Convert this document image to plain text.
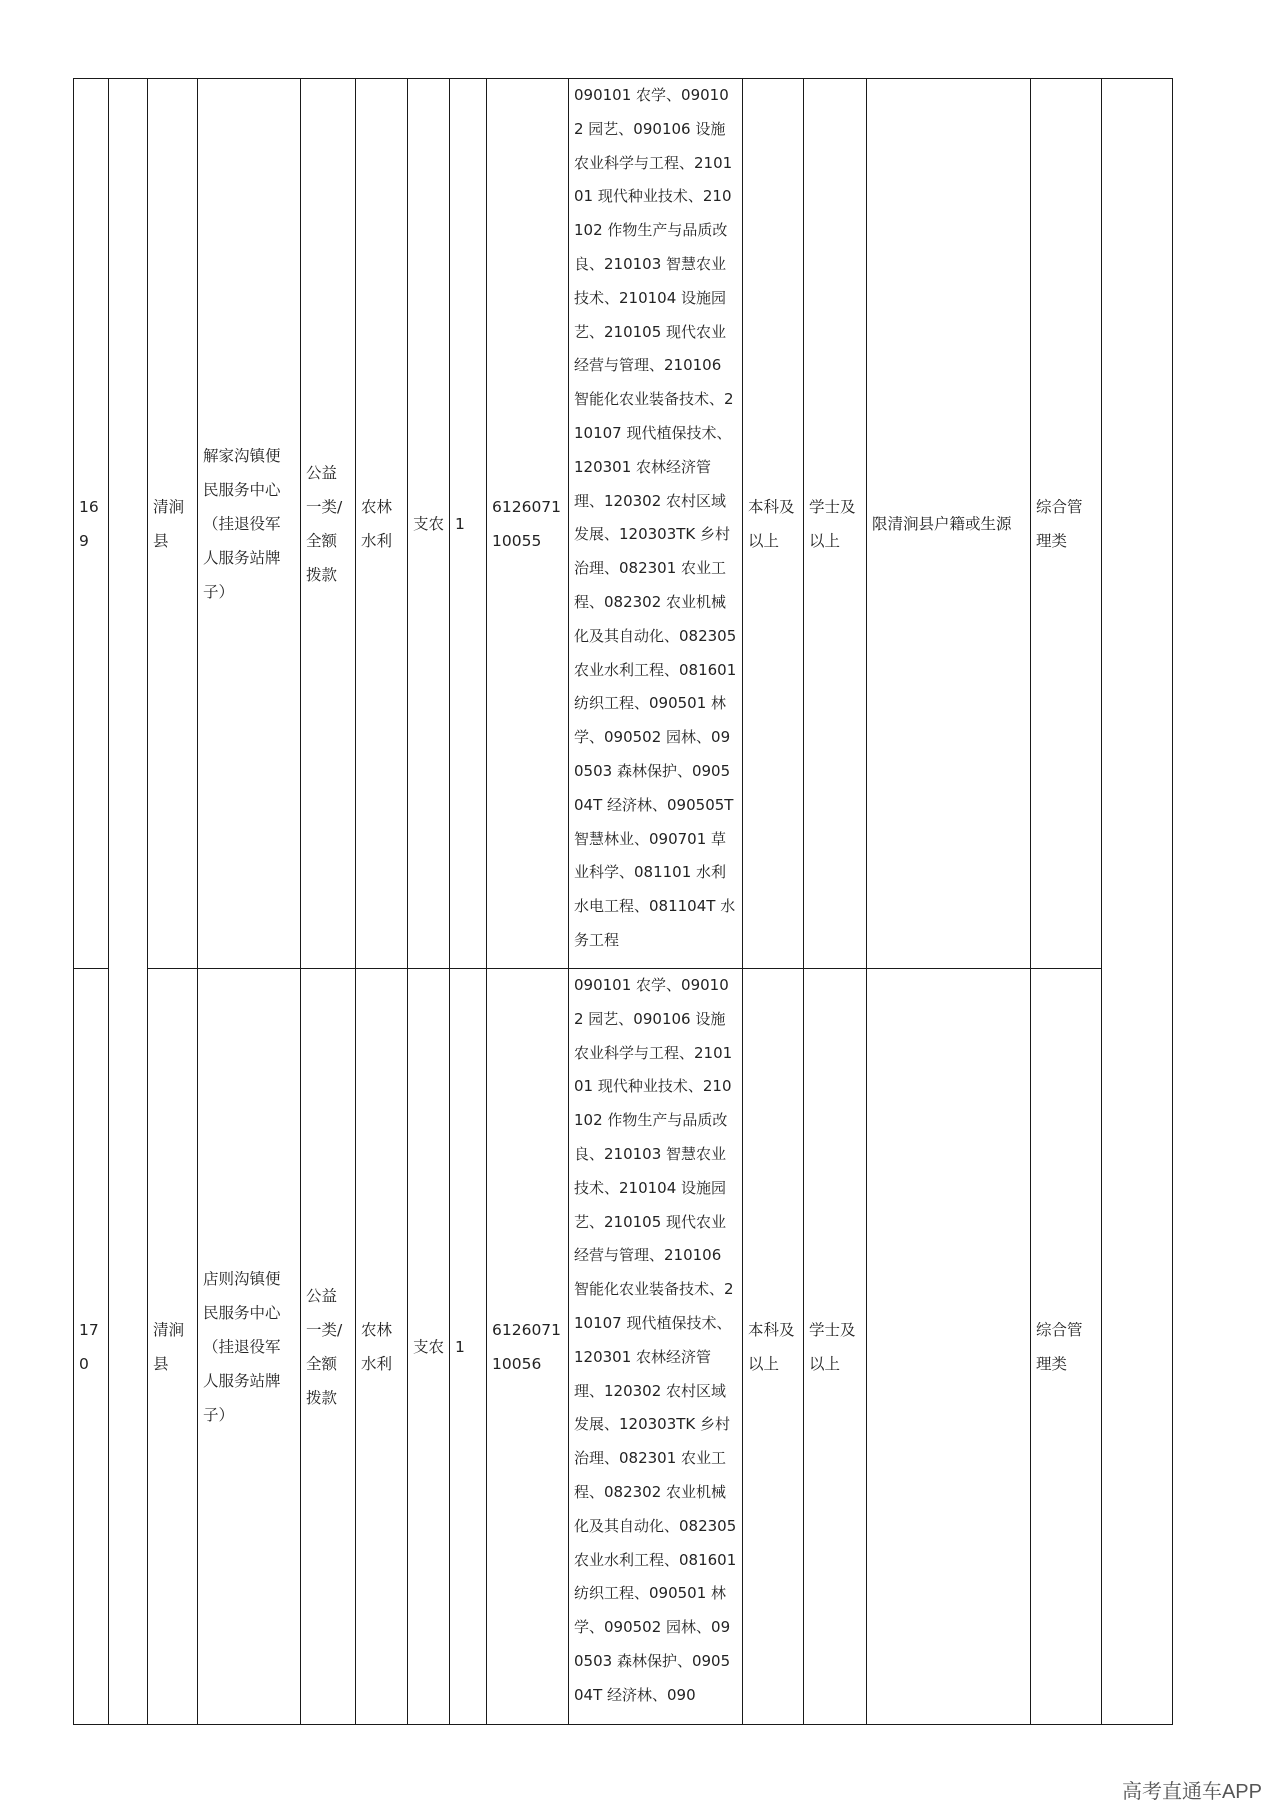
169		清涧县	解家沟镇便民服务中心（挂退役军人服务站牌子）	公益一类/全额拨款	农林水利	支农	1	612607110055	090101 农学、090102 园艺、090106 设施农业科学与工程、210101 现代种业技术、210102 作物生产与品质改良、210103 智慧农业技术、210104 设施园艺、210105 现代农业经营与管理、210106 智能化农业装备技术、210107 现代植保技术、120301 农林经济管理、120302 农村区域发展、120303TK 乡村治理、082301 农业工程、082302 农业机械化及其自动化、082305 农业水利工程、081601 纺织工程、090501 林学、090502 园林、090503 森林保护、090504T 经济林、090505T 智慧林业、090701 草业科学、081101 水利水电工程、081104T 水务工程	本科及以上	学士及以上	限清涧县户籍或生源	综合管理类	
170		清涧县	店则沟镇便民服务中心（挂退役军人服务站牌子）	公益一类/全额拨款	农林水利	支农	1	612607110056	090101 农学、090102 园艺、090106 设施农业科学与工程、210101 现代种业技术、210102 作物生产与品质改良、210103 智慧农业技术、210104 设施园艺、210105 现代农业经营与管理、210106 智能化农业装备技术、210107 现代植保技术、120301 农林经济管理、120302 农村区域发展、120303TK 乡村治理、082301 农业工程、082302 农业机械化及其自动化、082305 农业水利工程、081601 纺织工程、090501 林学、090502 园林、090503 森林保护、090504T 经济林、090	本科及以上	学士及以上		综合管理类	
高考直通车APP
